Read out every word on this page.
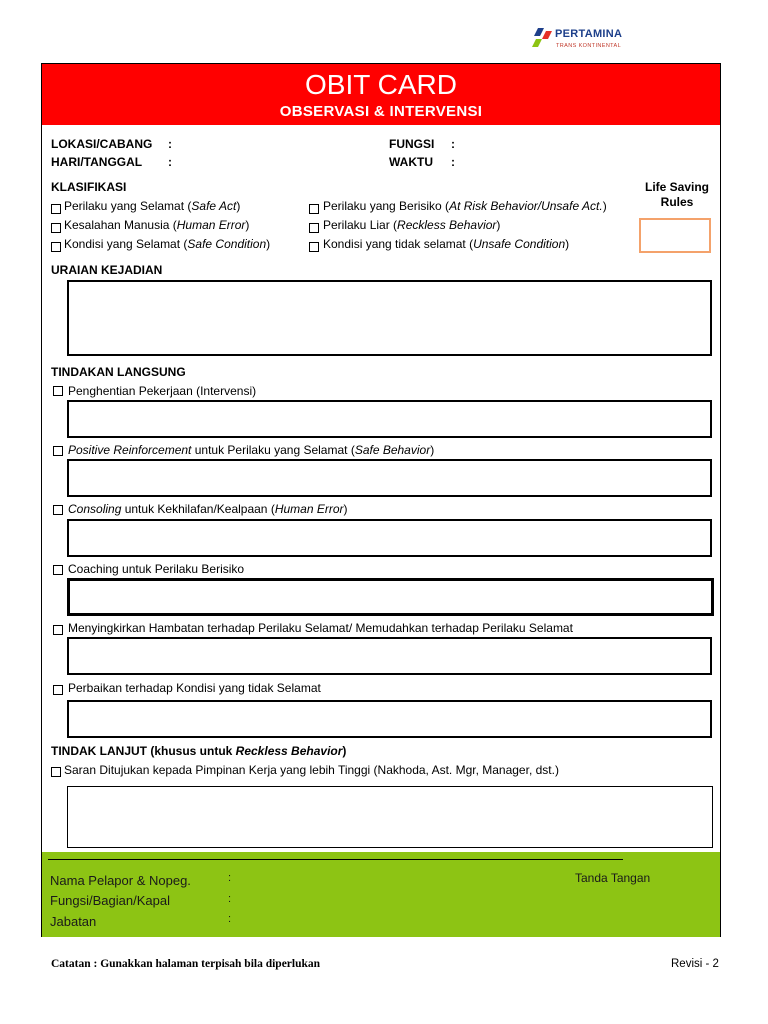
PERTAMINA
TRANS KONTINENTAL
OBIT CARD
OBSERVASI & INTERVENSI
LOKASI/CABANG :
HARI/TANGGAL :
FUNGSI :
WAKTU :
KLASIFIKASI
Perilaku yang Selamat (Safe Act)
Kesalahan Manusia (Human Error)
Kondisi yang Selamat (Safe Condition)
Perilaku yang Berisiko (At Risk Behavior/Unsafe Act.)
Perilaku Liar (Reckless Behavior)
Kondisi yang tidak selamat (Unsafe Condition)
Life Saving
Rules
URAIAN KEJADIAN
TINDAKAN LANGSUNG
Penghentian Pekerjaan (Intervensi)
Positive Reinforcement untuk Perilaku yang Selamat (Safe Behavior)
Consoling untuk Kekhilafan/Kealpaan (Human Error)
Coaching untuk Perilaku Berisiko
Menyingkirkan Hambatan terhadap Perilaku Selamat/ Memudahkan terhadap Perilaku Selamat
Perbaikan terhadap Kondisi yang tidak Selamat
TINDAK LANJUT (khusus untuk Reckless Behavior)
Saran Ditujukan kepada Pimpinan Kerja yang lebih Tinggi (Nakhoda, Ast. Mgr, Manager, dst.)
Nama Pelapor & Nopeg.	:
Fungsi/Bagian/Kapal	:
Jabatan	:
Tanda Tangan
Catatan : Gunakkan halaman terpisah bila diperlukan	Revisi - 2
